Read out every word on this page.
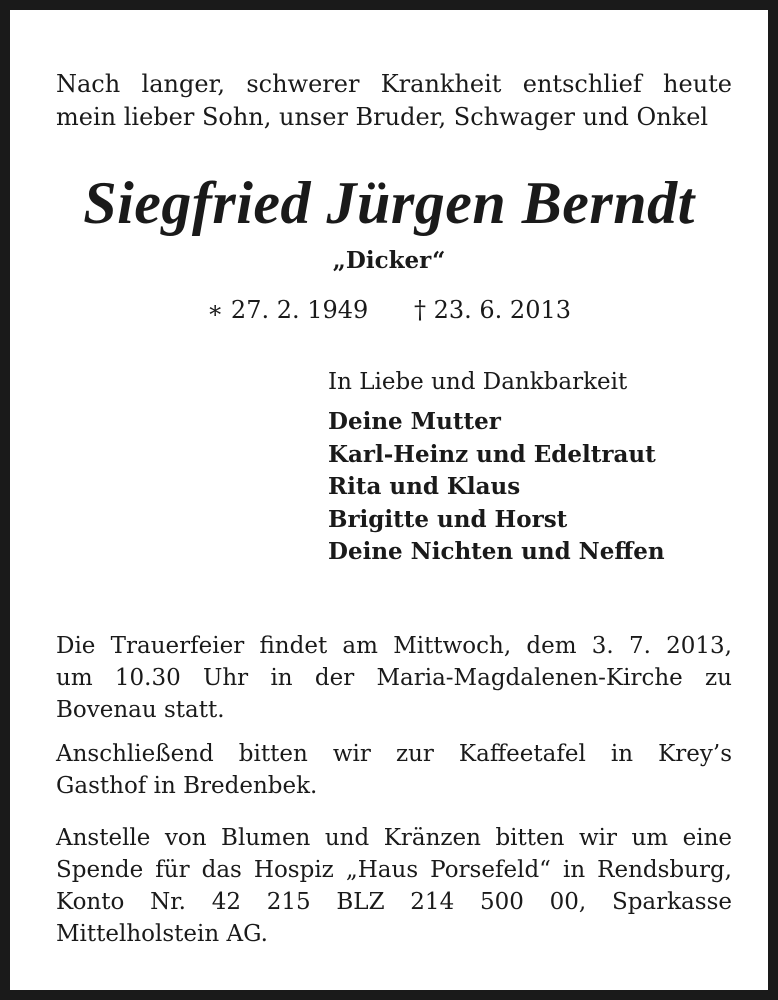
Nach langer, schwerer Krankheit entschlief heute
mein lieber Sohn, unser Bruder, Schwager und Onkel
Siegfried Jürgen Berndt
„Dicker“
∗ 27. 2. 1949 † 23. 6. 2013
In Liebe und Dankbarkeit
Deine Mutter
Karl-Heinz und Edeltraut
Rita und Klaus
Brigitte und Horst
Deine Nichten und Neffen
Die Trauerfeier findet am Mittwoch, dem 3. 7. 2013,
um 10.30 Uhr in der Maria-Magdalenen-Kirche zu
Bovenau statt.
Anschließend bitten wir zur Kaffeetafel in Krey’s
Gasthof in Bredenbek.
Anstelle von Blumen und Kränzen bitten wir um eine
Spende für das Hospiz „Haus Porsefeld“ in Rendsburg,
Konto Nr. 42 215 BLZ 214 500 00, Sparkasse
Mittelholstein AG.
